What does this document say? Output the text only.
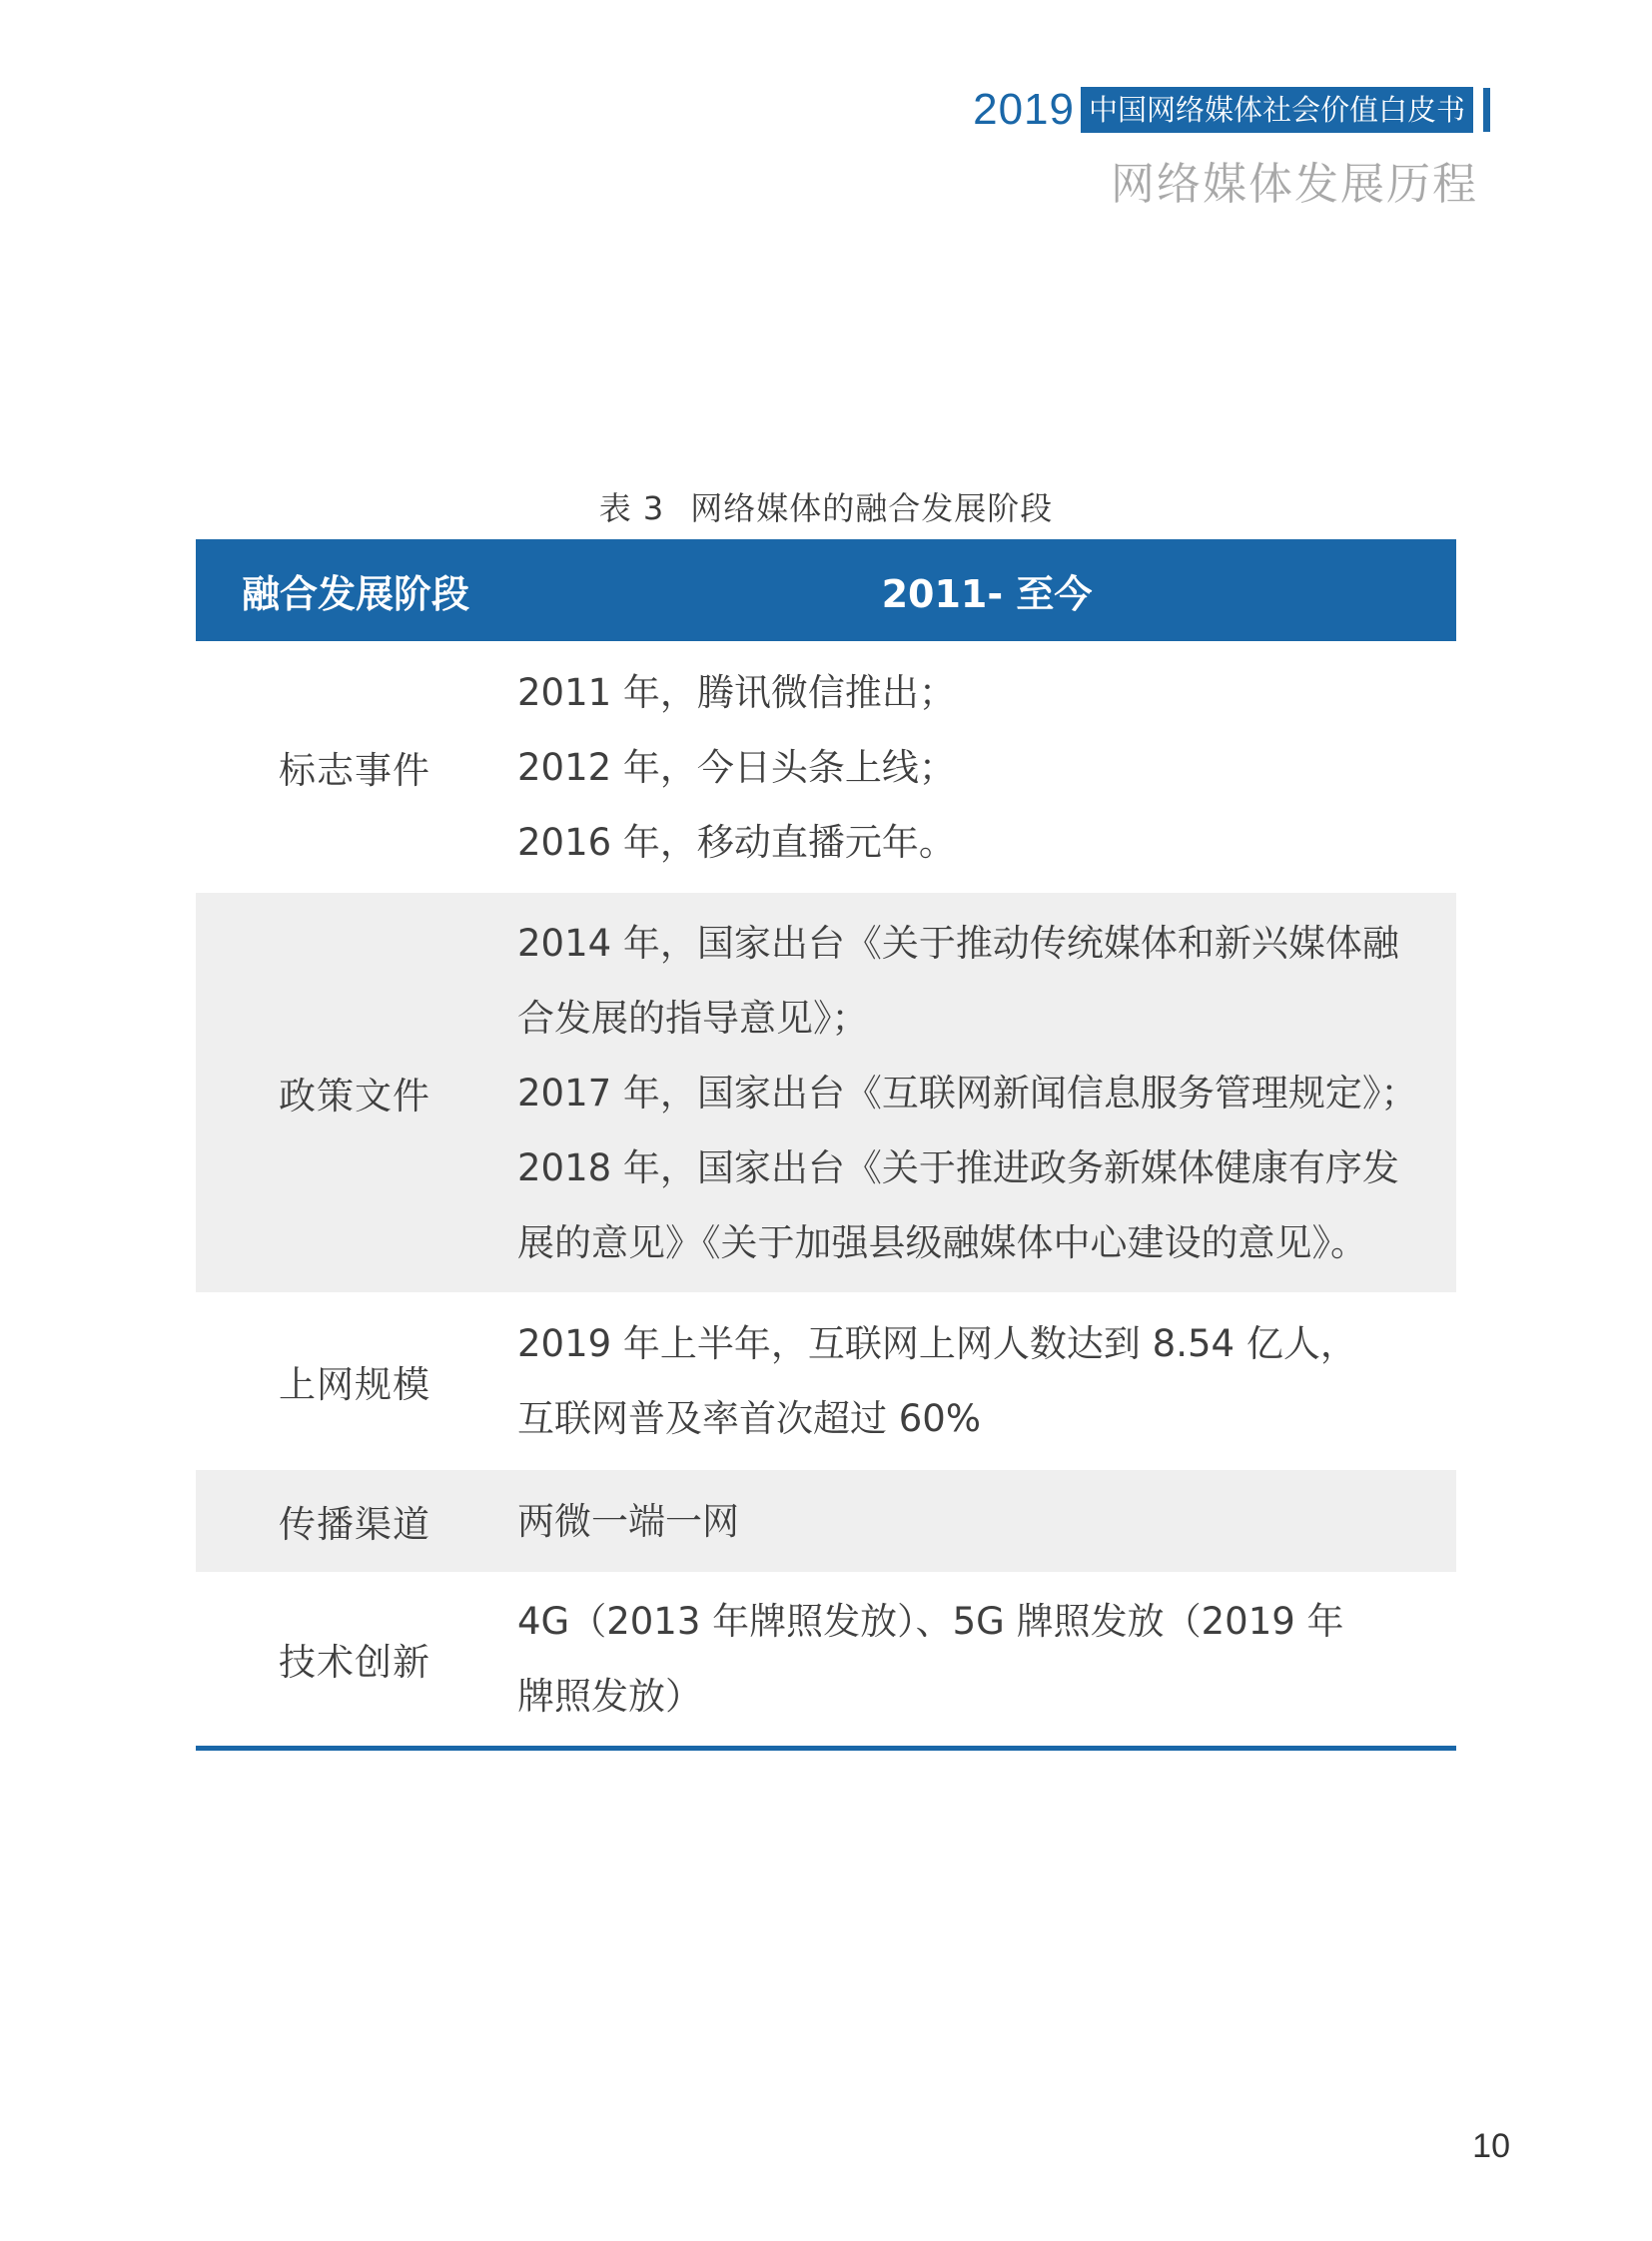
2019 中国网络媒体社会价值白皮书
网络媒体发展历程
表 3 网络媒体的融合发展阶段
融合发展阶段	2011- 至今
标志事件	2011 年，腾讯微信推出；
2012 年，今日头条上线；
2016 年，移动直播元年。

政策文件	2014 年，国家出台《关于推动传统媒体和新兴媒体融
合发展的指导意见》；
2017 年，国家出台《互联网新闻信息服务管理规定》；
2018 年，国家出台《关于推进政务新媒体健康有序发
展的意见》《关于加强县级融媒体中心建设的意见》。

上网规模	2019 年上半年，互联网上网人数达到 8.54 亿人，
互联网普及率首次超过 60%

传播渠道	两微一端一网

技术创新	4G（2013 年牌照发放）、5G 牌照发放（2019 年
牌照发放）
10
